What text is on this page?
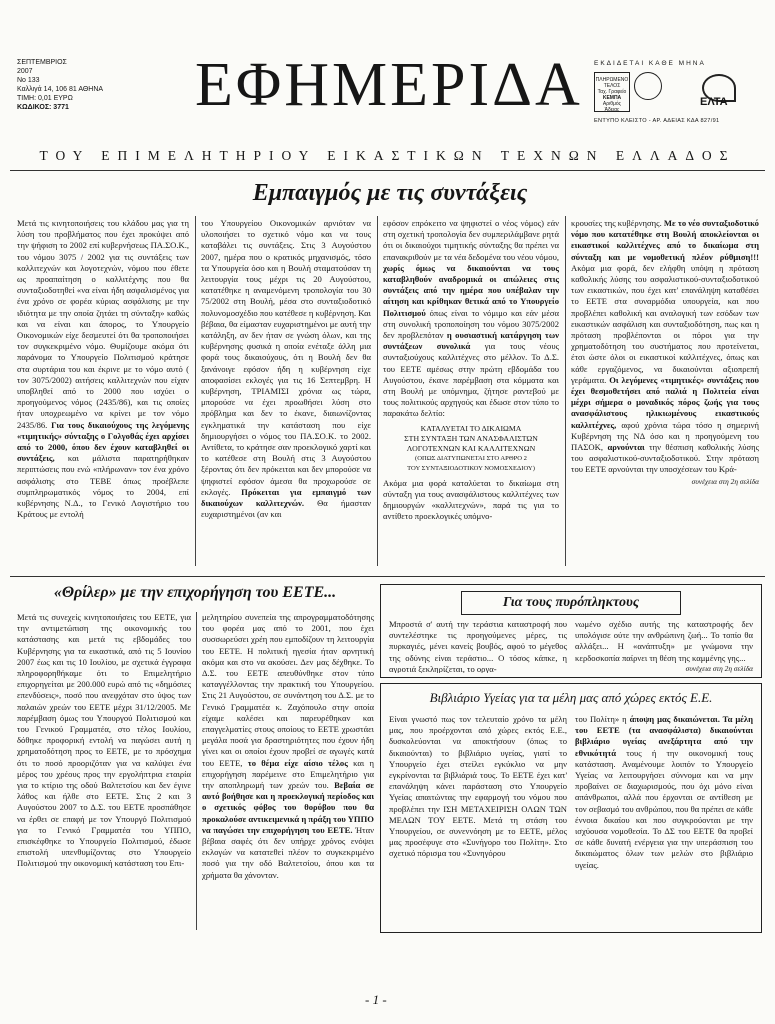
ΣΕΠΤΕΜΒΡΙΟΣ
2007
Νο 133
Καλλιγά 14, 106 81 ΑΘΗΝΑ
ΤΙΜΗ: 0,01 ΕΥΡΩ
ΚΩΔΙΚΟΣ: 3771	ΕΦΗΜΕΡΙΔΑ ΕΚΔΙΔΕΤΑΙ ΚΑΘΕ ΜΗΝΑ
ΠΛΗΡΩΜΕΝΟ ΤΕΛΟΣ
Ταχ. Γραφείο
ΚΕΜΠΑ
Αριθμός Άδειας
ΕΛΤΑ
ΕΝΤΥΠΟ ΚΛΕΙΣΤΟ - ΑΡ. ΑΔΕΙΑΣ ΚΔΑ 827/91
ΤΟΥ ΕΠΙΜΕΛΗΤΗΡΙΟΥ ΕΙΚΑΣΤΙΚΩΝ ΤΕΧΝΩΝ ΕΛΛΑΔΟΣ
Εμπαιγμός με τις συντάξεις
Μετά τις κινητοποιήσεις του κλάδου μας για τη λύση του προβλήματος που έχει προκύψει από την ψήφιση το 2002 επί κυβερνήσεως ΠΑ.ΣΟ.Κ., του νόμου 3075 / 2002 για τις συντάξεις των καλλιτεχνών και λογοτεχνών, νόμου που έθετε ως προαπαίτηση ο καλλιτέχνης που θα συνταξιοδοτηθεί «να είναι ήδη ασφαλισμένος για ένα χρόνο σε φορέα κύριας ασφάλισης με την ιδιότητα με την οποία ζητάει τη σύνταξη» καθώς και να είναι και άπορος, το Υπουργείο Οικονομικών είχε δεσμευτεί ότι θα τροποποιήσει τον συγκεκριμένο νόμο. Θυμίζουμε ακόμα ότι παράνομα το Υπουργείο Πολιτισμού κράτησε στα συρτάρια του και έκρινε με το νόμο αυτό ( τον 3075/2002) αιτήσεις καλλιτεχνών που είχαν υποβληθεί από το 2000 που ισχύει ο προηγούμενος νόμος (2435/86), και τις οποίες ήταν υποχρεωμένο να κρίνει με τον νόμο 2435/86. Για τους δικαιούχους της λεγόμενης «τιμητικής» σύνταξης ο Γολγοθάς έχει αρχίσει από το 2000, όπου δεν έχουν καταβληθεί οι συντάξεις, και μάλιστα παρατηρήθηκαν περιπτώσεις που ενώ «πλήρωναν» τον ένα χρόνο ασφάλισης στο ΤΕΒΕ όπως προέβλεπε συμπληρωματικός νόμος το 2004, επί κυβέρνησης Ν.Δ., το Γενικό Λογιστήριο του Κράτους με εντολή
του Υπουργείου Οικονομικών αρνιόταν να υλοποιήσει το σχετικό νόμο και να τους καταβάλει τις συντάξεις. Στις 3 Αυγούστου 2007, ημέρα που ο κρατικός μηχανισμός, τόσο τα Υπουργεία όσο και η Βουλή σταματούσαν τη λειτουργία τους μέχρι τις 20 Αυγούστου, κατατέθηκε η αναμενόμενη τροπολογία του 30 75/2002 στη Βουλή, μέσα στο συνταξιοδοτικό πολυνομοσχέδιο που κατέθεσε η κυβέρνηση. Και βέβαια, θα είμασταν ευχαριστημένοι με αυτή την κατάληξη, αν δεν ήταν σε γνώση όλων, και της κυβέρνησης φυσικά η οποία ενέταξε άλλη μια φορά τους δικαιούχους, ότι η Βουλή δεν θα ξανάνοιγε εφόσον ήδη η κυβέρνηση είχε αποφασίσει εκλογές για τις 16 Σεπτεμβρη. Η κυβέρνηση, ΤΡΙΑΜΙΣΙ χρόνια ως τώρα, μπορούσε να έχει προωθήσει λύση στο πρόβλημα και δεν το έκανε, διαιωνίζοντας εγκληματικά την κατάσταση που είχε δημιουργήσει ο νόμος του ΠΑ.ΣΟ.Κ. το 2002. Αντίθετα, το κράτησε σαν προεκλογικό χαρτί και το κατέθεσε στη Βουλή στις 3 Αυγούστου ξέροντας ότι δεν πρόκειται και δεν μπορούσε να ψηφιστεί εφόσον άμεσα θα προχωρούσε σε εκλογές. Πρόκειται για εμπαιγμό των δικαιούχων καλλιτεχνών. Θα ήμασταν ευχαριστημένοι (αν και
εφόσον επρόκειτο να ψηφιστεί ο νέος νόμος) εάν στη σχετική τροπολογία δεν συμπεριλάμβανε ρητά ότι οι δικαιούχοι τιμητικής σύνταξης θα πρέπει να επανακριθούν με τα νέα δεδομένα του νέου νόμου, χωρίς όμως να δικαιούνται να τους καταβληθούν αναδρομικά οι απώλειες στις συντάξεις από την ημέρα που υπέβαλαν την αίτηση και κρίθηκαν θετικά από το Υπουργείο Πολιτισμού όπως είναι το νόμιμο και εάν μέσα στη συνολική τροποποίηση του νόμου 3075/2002 δεν προβλεπόταν η ουσιαστική κατάργηση των συντάξεων συνολικά για τους νέους συνταξιούχους καλλιτέχνες στο μέλλον. Το Δ.Σ. του ΕΕΤΕ αμέσως στην πρώτη εβδομάδα του Αυγούστου, έκανε παρέμβαση στα κόμματα και στη Βουλή με υπόμνημα, ζήτησε ραντεβού με τους πολιτικούς αρχηγούς και έδωσε στον τύπο το παρακάτω δελτίο:
ΚΑΤΑΛΥΕΤΑΙ ΤΟ ΔΙΚΑΙΩΜΑ
ΣΤΗ ΣΥΝΤΑΞΗ ΤΩΝ ΑΝΑΣΦΑΛΙΣΤΩΝ
ΛΟΓΟΤΕΧΝΩΝ ΚΑΙ ΚΑΛΛΙΤΕΧΝΩΝ
(ΟΠΩΣ ΔΙΑΤΥΠΩΝΕΤΑΙ ΣΤΟ ΑΡΘΡΟ 2
ΤΟΥ ΣΥΝΤΑΞΙΟΔΟΤΙΚΟΥ ΝΟΜΟΣΧΕΔΙΟΥ)
Ακόμα μια φορά καταλύεται το δικαίωμα στη σύνταξη για τους ανασφάλιστους καλλιτέχνες των δημιουργών «καλλιτεχνών», παρά τις για το αντίθετο προεκλογικές υπόμνο-
κρουσίες της κυβέρνησης. Με το νέο συνταξιοδοτικό νόμο που κατατέθηκε στη Βουλή αποκλείονται οι εικαστικοί καλλιτέχνες από το δικαίωμα στη σύνταξη και με νομοθετική πλέον ρύθμιση!!! Ακόμα μια φορά, δεν ελήφθη υπόψη η πρόταση καθολικής λύσης του ασφαλιστικού-συνταξιοδοτικού των εικαστικών, που έχει κατ' επανάληψη καταθέσει το ΕΕΤΕ στα συναρμόδια υπουργεία, και που προβλέπει καθολική και αναλογική των εσόδων των εικαστικών ασφάλιση και συνταξιοδότηση, πως και η πρόταση προβλέπονται οι πόροι για την χρηματοδότηση του συστήματος που προτείνεται, έτσι ώστε όλοι οι εικαστικοί καλλιτέχνες, όπως και κάθε εργαζόμενος, να δικαιούνται αξιοπρεπή γεράματα. Οι λεγόμενες «τιμητικές» συντάξεις που έχει θεσμοθετήσει από παλιά η Πολιτεία είναι μέχρι σήμερα ο μοναδικός πόρος ζωής για τους ανασφάλιστους ηλικιωμένους εικαστικούς καλλιτέχνες, αφού χρόνια τώρα τόσο η σημερινή Κυβέρνηση της ΝΔ όσο και η προηγούμενη του ΠΑΣΟΚ, αρνούνται την θέσπιση καθολικής λύσης του ασφαλιστικού-συνταξιοδοτικού. Στην πρόταση του ΕΕΤΕ αρνούνται την υποσχέσεων του Κρά-
συνέχεια στη 2η σελίδα
«Θρίλερ» με την επιχορήγηση του ΕΕΤΕ...
Μετά τις συνεχείς κινητοποιήσεις του ΕΕΤΕ, για την αντιμετώπιση της οικονομικής του κατάστασης και μετά τις εβδομάδες του Κυβέρνησης για τα εικαστικά, από τις 5 Ιουνίου 2007 έως και τις 10 Ιουλίου, με σχετικά έγγραφα πληροφορηθήκαμε ότι το Επιμελητήριο επιχορηγείται με 200.000 ευρώ από τις «δημόσιες επενδύσεις», ποσό που ανεφχόταν στο ύψος των παλαιών χρεών του ΕΕΤΕ μέχρι 31/12/2005. Με παρέμβαση όμως του Υπουργού Πολιτισμού και του Γενικού Γραμματέα, στο τέλος Ιουλίου, δόθηκε προφορική εντολή να παγώσει αυτή η χρηματοδότηση προς το ΕΕΤΕ, με το πρόσχημα ότι το ποσό προοριζόταν για να καλύψει ένα μέρος του χρέους προς την εργολήπτρια εταιρία για το κτίριο της οδού Βαλτετσίου και δεν έγινε λάθος και ήλθε στο ΕΕΤΕ. Στις 2 και 3 Αυγούστου 2007 το Δ.Σ. του ΕΕΤΕ προσπάθησε να έρθει σε επαφή με τον Υπουργό Πολιτισμού για το Γενικό Γραμματέα του ΥΠΠΟ, επισκέφθηκε το Υπουργείο Πολιτισμού, έδωσε επιστολή υπενθυμίζοντας στο Υπουργείο Πολιτισμού την οικονομική κατάσταση του Επι-
μελητηρίου συνεπεία της απρογραμματοδότησης του φορέα μας από το 2001, που έχει συσσωρεύσει χρέη που εμποδίζουν τη λειτουργία του ΕΕΤΕ. Η πολιτική ηγεσία ήταν αρνητική ακόμα και στο να ακούσει. Δεν μας δέχθηκε. Το Δ.Σ. του ΕΕΤΕ απευθύνθηκε στον τύπο καταγγέλλοντας την πρακτική του Υπουργείου. Στις 21 Αυγούστου, σε συνάντηση του Δ.Σ. με το Γενικό Γραμματέα κ. Ζαχόπουλο στην οποία είχαμε καλέσει και παρευρέθηκαν και επαγγελματίες στους οποίους το ΕΕΤΕ χρωστάει μεγάλα ποσά για δραστηριότητες που έχουν ήδη γίνει και οι οποίοι έχουν προβεί σε αγωγές κατά του ΕΕΤΕ, το θέμα είχε αίσιο τέλος και η επιχορήγηση παρέμεινε στο Επιμελητήριο για την αποπληρωμή των χρεών του. Βεβαία σε αυτό βοήθησε και η προεκλογική περίοδος και ο σχετικός φόβος του θορύβου που θα προκαλούσε αντικειμενικά η πράξη του ΥΠΠΟ να παγώσει την επιχορήγηση του ΕΕΤΕ. Ήταν βέβαια σαφές ότι δεν υπήρχε χρόνος ενόψει εκλογών να κατατεθεί πλέον το συγκεκριμένο ποσό για την οδό Βαλτετσίου, όπου και τα χρήματα θα χάνονταν.
Για τους πυρόπληκτους
Μπροστά σ' αυτή την τεράστια καταστροφή που συντελέστηκε τις προηγούμενες μέρες, τις πυρκαγιές, μένει κανείς βουβός, αφού το μέγεθος της οδύνης είναι τεράστιο... Ο τόσος κάπκε, η αγροτιά ξεκληρίζεται, το οργα-
νωμένο σχέδιο αυτής της καταστροφής δεν υπολόγισε ούτε την ανθρώπινη ζωή... Το τοπίο θα αλλάξει... Η «ανάπτυξη» με γνώμονα την κερδοσκοπία παίρνει τη θέση της καμμένης γης...
συνέχεια στη 2η σελίδα
Βιβλιάριο Υγείας για τα μέλη μας από χώρες εκτός Ε.Ε.
Είναι γνωστό πως τον τελευταίο χρόνο τα μέλη μας, που προέρχονται από χώρες εκτός Ε.Ε., δυσκολεύονται να αποκτήσουν (όπως το δικαιούνται) το βιβλιάριο υγείας, γιατί το Υπουργείο έχει στείλει εγκύκλιο να μην εγκρίνονται τα βιβλιάριά τους. Το ΕΕΤΕ έχει κατ' επανάληψη κάνει παράσταση στο Υπουργείο Υγείας απαιτώντας την εφαρμογή του νόμου που προβλέπει την ΙΣΗ ΜΕΤΑΧΕΙΡΙΣΗ ΟΛΩΝ ΤΩΝ ΜΕΛΩΝ ΤΟΥ ΕΕΤΕ. Μετά τη στάση του Υπουργείου, σε συνεννόηση με το ΕΕΤΕ, μέλος μας προσέφυγε στο «Συνήγορο του Πολίτη». Στο σχετικό πόρισμα του «Συνηγόρου
του Πολίτη» η άποψη μας δικαιώνεται. Τα μέλη του ΕΕΤΕ (τα ανασφάλιστα) δικαιούνται βιβλιάριο υγείας ανεξάρτητα από την εθνικότητά τους ή την οικονομική τους κατάσταση. Αναμένουμε λοιπόν το Υπουργείο Υγείας να λειτουργήσει σύννομα και να μην προβαίνει σε διαχωρισμούς, που όχι μόνο είναι απάνθρωποι, αλλά που έρχονται σε αντίθεση με τον σεβασμό του ανθρώπου, που θα πρέπει σε κάθε έννοια δικαίου και που συγκρούονται με την ισχύουσα νομοθεσία. Το ΔΣ του ΕΕΤΕ θα προβεί σε κάθε δυνατή ενέργεια για την υπεράσπιση του δικαιώματος όλων των μελών στο βιβλιάριο υγείας.
- 1 -
